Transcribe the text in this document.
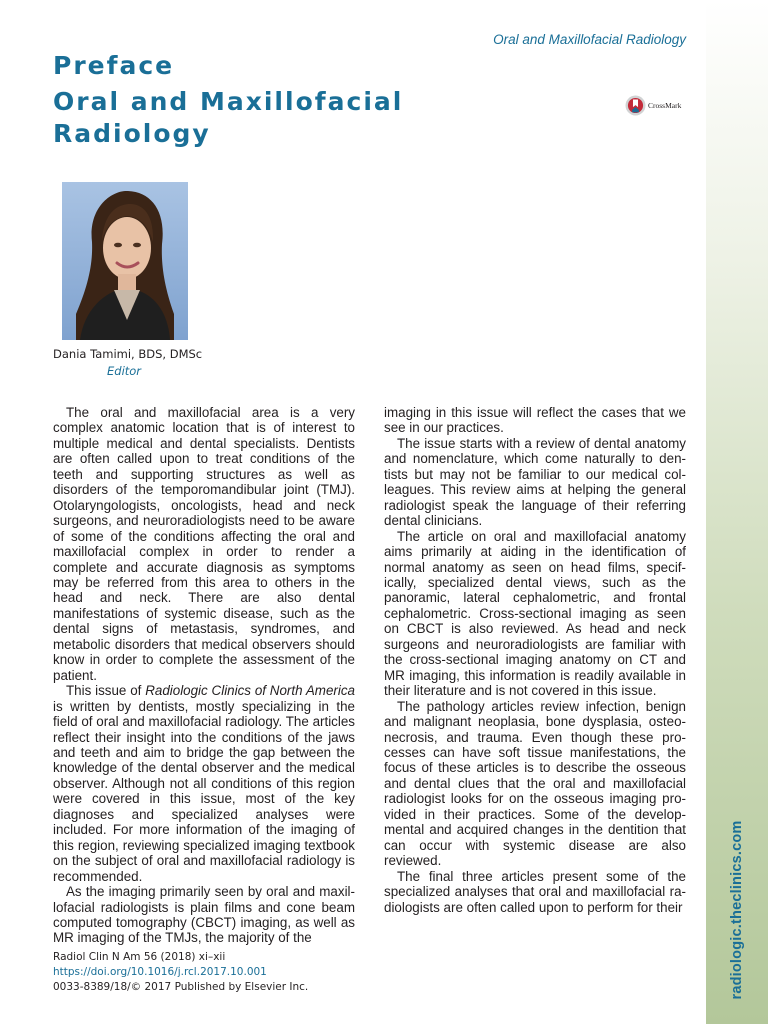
radiologic.theclinics.com
Oral and Maxillofacial Radiology
Preface
Oral and Maxillofacial
Radiology
CrossMark
Dania Tamimi, BDS, DMSc
Editor

The oral and maxillofacial area is a very complex anatomic location that is of interest to multiple medical and dental specialists. Dentists are often called upon to treat conditions of the teeth and supporting structures as well as disorders of the temporomandibular joint (TMJ). Otolaryngologists, oncologists, head and neck surgeons, and neuroradiologists need to be aware of some of the conditions affecting the oral and maxillofacial complex in order to render a complete and accurate diagnosis as symptoms may be referred from this area to others in the head and neck. There are also dental manifestations of systemic disease, such as the dental signs of metastasis, syndromes, and metabolic disorders that medical observers should know in order to complete the assessment of the patient.

This issue of Radiologic Clinics of North America is written by dentists, mostly specializing in the field of oral and maxillofacial radiology. The articles reflect their insight into the conditions of the jaws and teeth and aim to bridge the gap between the knowledge of the dental observer and the medical observer. Although not all conditions of this region were covered in this issue, most of the key diagnoses and specialized analyses were included. For more information of the imaging of this region, reviewing specialized imaging textbook on the subject of oral and maxillofacial radiology is recommended.

As the imaging primarily seen by oral and maxillofacial radiologists is plain films and cone beam computed tomography (CBCT) imaging, as well as MR imaging of the TMJs, the majority of the

imaging in this issue will reflect the cases that we see in our practices.

The issue starts with a review of dental anatomy and nomenclature, which come naturally to dentists but may not be familiar to our medical colleagues. This review aims at helping the general radiologist speak the language of their referring dental clinicians.

The article on oral and maxillofacial anatomy aims primarily at aiding in the identification of normal anatomy as seen on head films, specifically, specialized dental views, such as the panoramic, lateral cephalometric, and frontal cephalometric. Cross-sectional imaging as seen on CBCT is also reviewed. As head and neck surgeons and neuroradiologists are familiar with the cross-sectional imaging anatomy on CT and MR imaging, this information is readily available in their literature and is not covered in this issue.

The pathology articles review infection, benign and malignant neoplasia, bone dysplasia, osteonecrosis, and trauma. Even though these processes can have soft tissue manifestations, the focus of these articles is to describe the osseous and dental clues that the oral and maxillofacial radiologist looks for on the osseous imaging provided in their practices. Some of the developmental and acquired changes in the dentition that can occur with systemic disease are also reviewed.

The final three articles present some of the specialized analyses that oral and maxillofacial radiologists are often called upon to perform for their

Radiol Clin N Am 56 (2018) xi–xii
https://doi.org/10.1016/j.rcl.2017.10.001
0033-8389/18/© 2017 Published by Elsevier Inc.
